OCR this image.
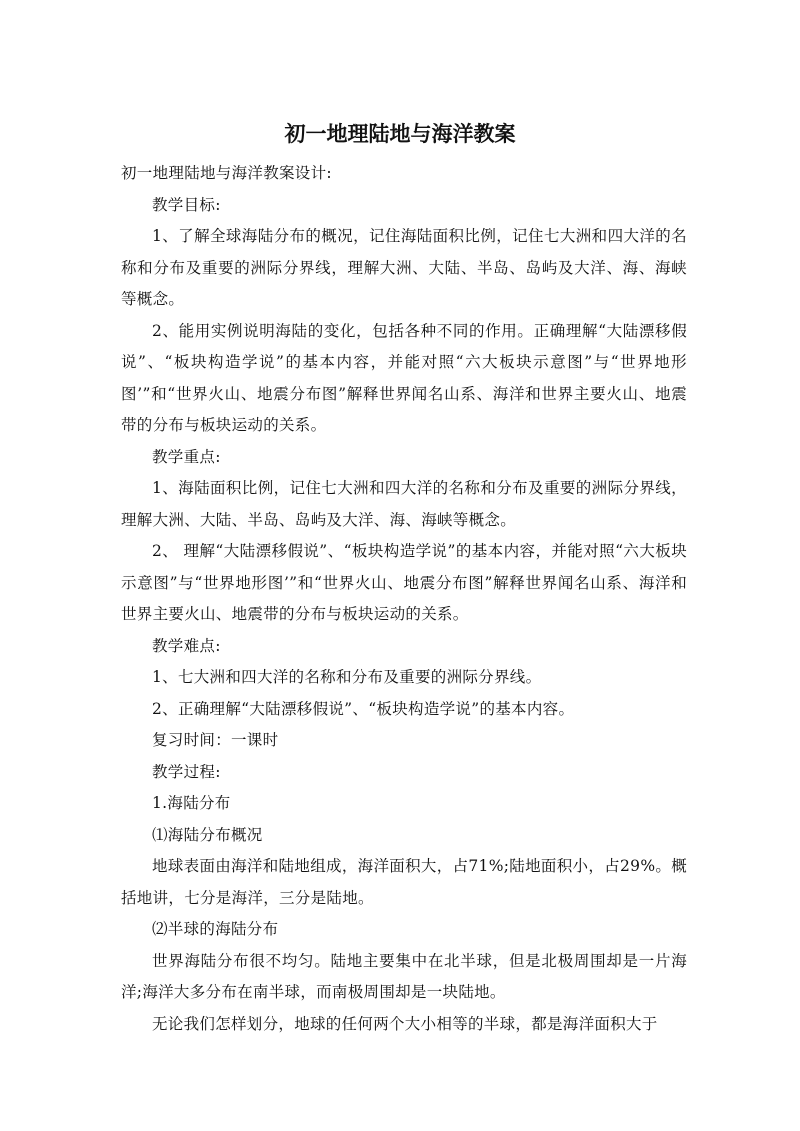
初一地理陆地与海洋教案

初一地理陆地与海洋教案设计:

教学目标:

1、了解全球海陆分布的概况，记住海陆面积比例，记住七大洲和四大洋的名称和分布及重要的洲际分界线，理解大洲、大陆、半岛、岛屿及大洋、海、海峡等概念。

2、能用实例说明海陆的变化，包括各种不同的作用。正确理解“大陆漂移假说”、“板块构造学说”的基本内容，并能对照“六大板块示意图”与“世界地形图’”和“世界火山、地震分布图”解释世界闻名山系、海洋和世界主要火山、地震带的分布与板块运动的关系。

教学重点:

1、海陆面积比例，记住七大洲和四大洋的名称和分布及重要的洲际分界线，理解大洲、大陆、半岛、岛屿及大洋、海、海峡等概念。

2、 理解“大陆漂移假说”、“板块构造学说”的基本内容，并能对照“六大板块示意图”与“世界地形图’”和“世界火山、地震分布图”解释世界闻名山系、海洋和世界主要火山、地震带的分布与板块运动的关系。

教学难点:

1、七大洲和四大洋的名称和分布及重要的洲际分界线。

2、正确理解“大陆漂移假说”、“板块构造学说”的基本内容。

复习时间：一课时

教学过程:

1.海陆分布

⑴海陆分布概况

地球表面由海洋和陆地组成，海洋面积大，占71%;陆地面积小，占29%。概括地讲，七分是海洋，三分是陆地。

⑵半球的海陆分布

世界海陆分布很不均匀。陆地主要集中在北半球，但是北极周围却是一片海洋;海洋大多分布在南半球，而南极周围却是一块陆地。

无论我们怎样划分，地球的任何两个大小相等的半球，都是海洋面积大于
